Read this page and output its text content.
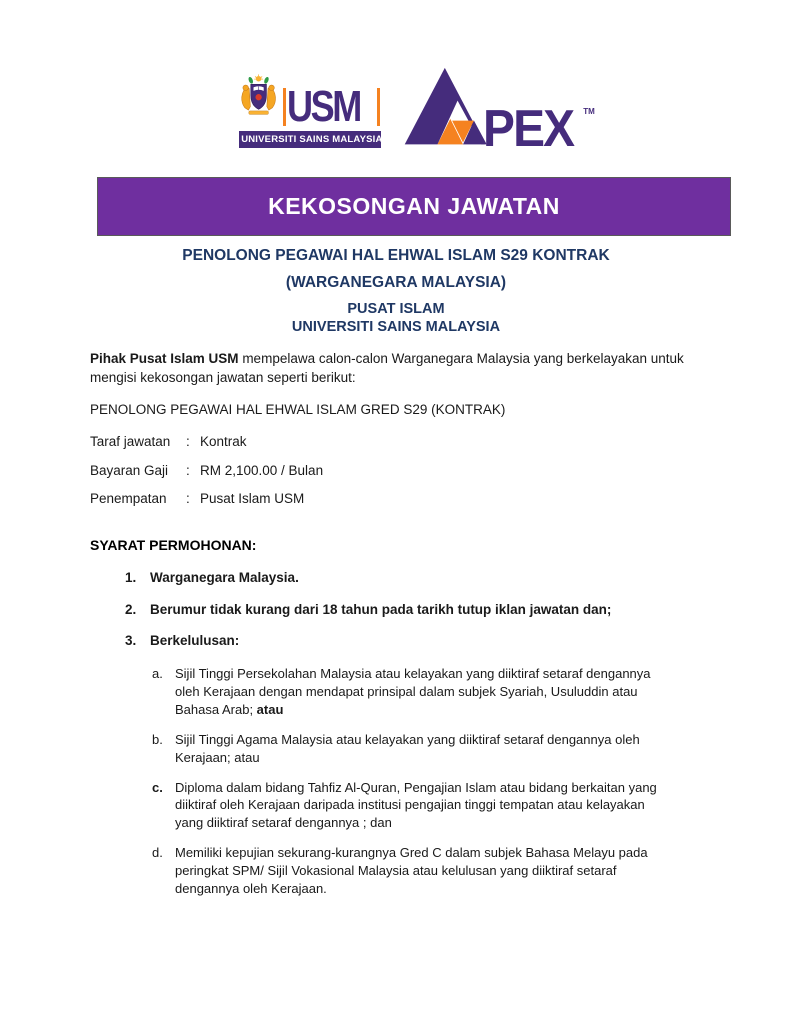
USM
UNIVERSITI SAINS MALAYSIA PEX TM
KEKOSONGAN JAWATAN

PENOLONG PEGAWAI HAL EHWAL ISLAM S29 KONTRAK

(WARGANEGARA MALAYSIA)

PUSAT ISLAM
UNIVERSITI SAINS MALAYSIA

Pihak Pusat Islam USM mempelawa calon-calon Warganegara Malaysia yang berkelayakan untuk mengisi kekosongan jawatan seperti berikut:

PENOLONG PEGAWAI HAL EHWAL ISLAM GRED S29 (KONTRAK)

Taraf jawatan	: Kontrak
Bayaran Gaji	: RM 2,100.00 / Bulan
Penempatan	: Pusat Islam USM

SYARAT PERMOHONAN:

1.	Warganegara Malaysia.
2.	Berumur tidak kurang dari 18 tahun pada tarikh tutup iklan jawatan dan;
3.	Berkelulusan:
a. Sijil Tinggi Persekolahan Malaysia atau kelayakan yang diiktiraf setaraf dengannya oleh Kerajaan dengan mendapat prinsipal dalam subjek Syariah, Usuluddin atau Bahasa Arab; atau
b. Sijil Tinggi Agama Malaysia atau kelayakan yang diiktiraf setaraf dengannya oleh Kerajaan; atau
c. Diploma dalam bidang Tahfiz Al-Quran, Pengajian Islam atau bidang berkaitan yang diiktiraf oleh Kerajaan daripada institusi pengajian tinggi tempatan atau kelayakan yang diiktiraf setaraf dengannya ; dan
d. Memiliki kepujian sekurang-kurangnya Gred C dalam subjek Bahasa Melayu pada peringkat SPM/ Sijil Vokasional Malaysia atau kelulusan yang diiktiraf setaraf dengannya oleh Kerajaan.
